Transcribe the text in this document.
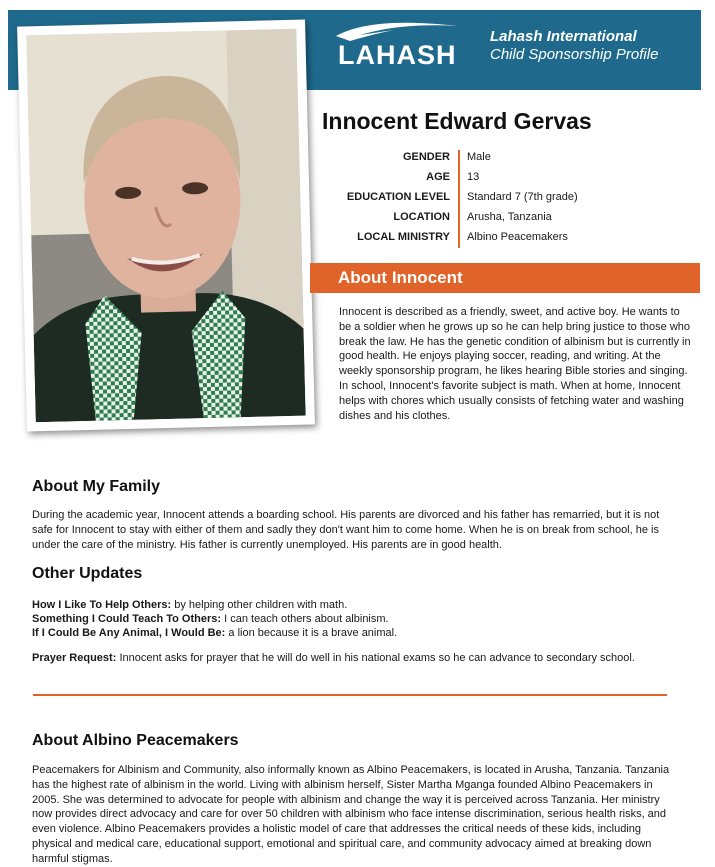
LAHASH
Lahash International
Child Sponsorship Profile
Innocent Edward Gervas
GENDER Male
AGE 13
EDUCATION LEVEL Standard 7 (7th grade)
LOCATION Arusha, Tanzania
LOCAL MINISTRY Albino Peacemakers
About Innocent
Innocent is described as a friendly, sweet, and active boy. He wants to be a soldier when he grows up so he can help bring justice to those who break the law. He has the genetic condition of albinism but is currently in good health. He enjoys playing soccer, reading, and writing. At the weekly sponsorship program, he likes hearing Bible stories and singing. In school, Innocent's favorite subject is math. When at home, Innocent helps with chores which usually consists of fetching water and washing dishes and his clothes.
About My Family
During the academic year, Innocent attends a boarding school. His parents are divorced and his father has remarried, but it is not safe for Innocent to stay with either of them and sadly they don't want him to come home. When he is on break from school, he is under the care of the ministry. His father is currently unemployed. His parents are in good health.
Other Updates
How I Like To Help Others: by helping other children with math.
Something I Could Teach To Others: I can teach others about albinism.
If I Could Be Any Animal, I Would Be: a lion because it is a brave animal.
Prayer Request: Innocent asks for prayer that he will do well in his national exams so he can advance to secondary school.
About Albino Peacemakers
Peacemakers for Albinism and Community, also informally known as Albino Peacemakers, is located in Arusha, Tanzania. Tanzania has the highest rate of albinism in the world. Living with albinism herself, Sister Martha Mganga founded Albino Peacemakers in 2005. She was determined to advocate for people with albinism and change the way it is perceived across Tanzania. Her ministry now provides direct advocacy and care for over 50 children with albinism who face intense discrimination, serious health risks, and even violence. Albino Peacemakers provides a holistic model of care that addresses the critical needs of these kids, including physical and medical care, educational support, emotional and spiritual care, and community advocacy aimed at breaking down harmful stigmas.
